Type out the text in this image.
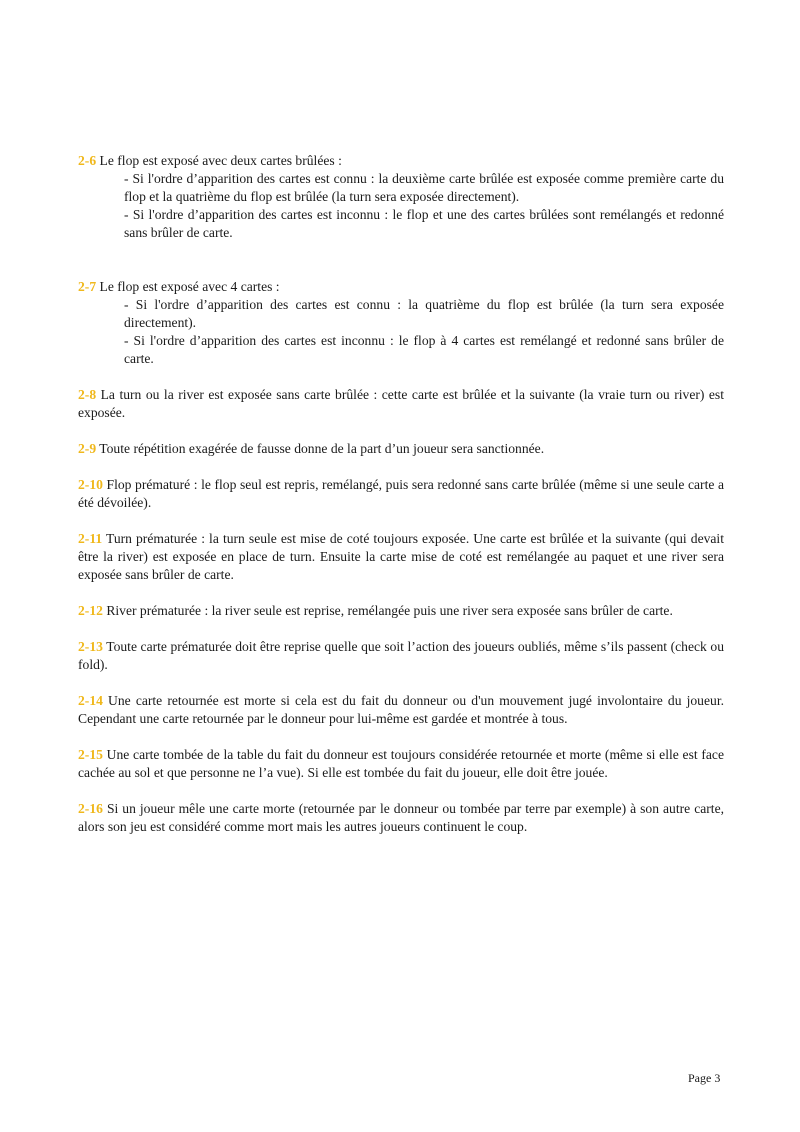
2-6 Le flop est exposé avec deux cartes brûlées :

- Si l'ordre d’apparition des cartes est connu : la deuxième carte brûlée est exposée comme première carte du flop et la quatrième du flop est brûlée (la turn sera exposée directement).

- Si l'ordre d’apparition des cartes est inconnu : le flop et une des cartes brûlées sont remélangés et redonné sans brûler de carte.

2-7 Le flop est exposé avec 4 cartes :

- Si l'ordre d’apparition des cartes est connu : la quatrième du flop est brûlée (la turn sera exposée directement).

- Si l'ordre d’apparition des cartes est inconnu : le flop à 4 cartes est remélangé et redonné sans brûler de carte.

2-8 La turn ou la river est exposée sans carte brûlée : cette carte est brûlée et la suivante (la vraie turn ou river) est exposée.

2-9 Toute répétition exagérée de fausse donne de la part d’un joueur sera sanctionnée.

2-10 Flop prématuré : le flop seul est repris, remélangé, puis sera redonné sans carte brûlée (même si une seule carte a été dévoilée).

2-11 Turn prématurée : la turn seule est mise de coté toujours exposée. Une carte est brûlée et la suivante (qui devait être la river) est exposée en place de turn. Ensuite la carte mise de coté est remélangée au paquet et une river sera exposée sans brûler de carte.

2-12 River prématurée : la river seule est reprise, remélangée puis une river sera exposée sans brûler de carte.

2-13 Toute carte prématurée doit être reprise quelle que soit l’action des joueurs oubliés, même s’ils passent (check ou fold).

2-14 Une carte retournée est morte si cela est du fait du donneur ou d'un mouvement jugé involontaire du joueur. Cependant une carte retournée par le donneur pour lui-même est gardée et montrée à tous.

2-15 Une carte tombée de la table du fait du donneur est toujours considérée retournée et morte (même si elle est face cachée au sol et que personne ne l’a vue). Si elle est tombée du fait du joueur, elle doit être jouée.

2-16 Si un joueur mêle une carte morte (retournée par le donneur ou tombée par terre par exemple) à son autre carte, alors son jeu est considéré comme mort mais les autres joueurs continuent le coup.

Page 3
